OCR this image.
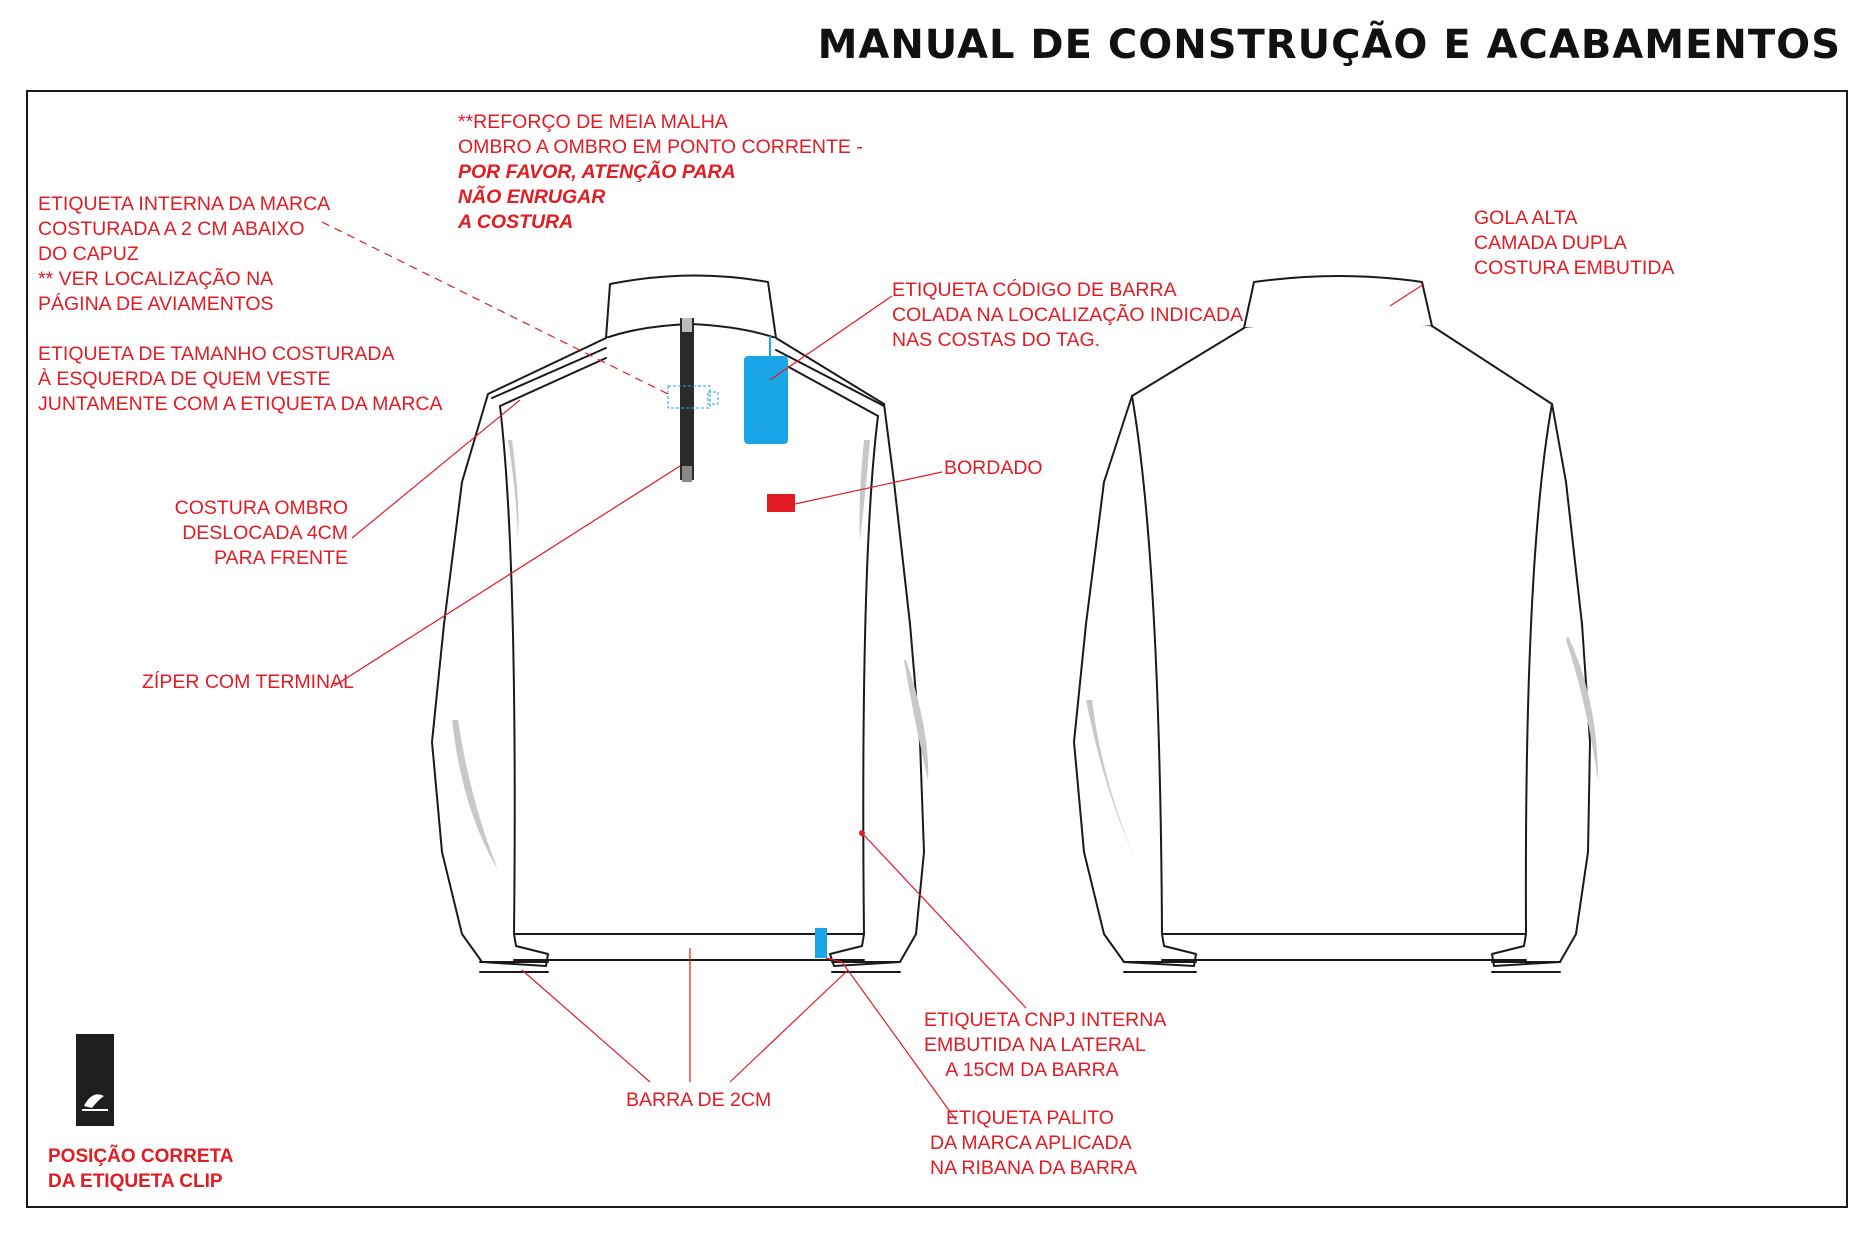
MANUAL DE CONSTRUÇÃO E ACABAMENTOS
**REFORÇO DE MEIA MALHA
OMBRO A OMBRO EM PONTO CORRENTE -
POR FAVOR, ATENÇÃO PARA
NÃO ENRUGAR
A COSTURA
ETIQUETA INTERNA DA MARCA
COSTURADA A 2 CM ABAIXO
DO CAPUZ
** VER LOCALIZAÇÃO NA
PÁGINA DE AVIAMENTOS
ETIQUETA DE TAMANHO COSTURADA
À ESQUERDA DE QUEM VESTE
JUNTAMENTE COM A ETIQUETA DA MARCA
COSTURA OMBRO
DESLOCADA 4CM
PARA FRENTE
ZÍPER COM TERMINAL
ETIQUETA CÓDIGO DE BARRA
COLADA NA LOCALIZAÇÃO INDICADA
NAS COSTAS DO TAG.
BORDADO
GOLA ALTA
CAMADA DUPLA
COSTURA EMBUTIDA
ETIQUETA CNPJ INTERNA
EMBUTIDA NA LATERAL
A 15CM DA BARRA
ETIQUETA PALITO
DA MARCA APLICADA
NA RIBANA DA BARRA
BARRA DE 2CM
POSIÇÃO CORRETA
DA ETIQUETA CLIP
